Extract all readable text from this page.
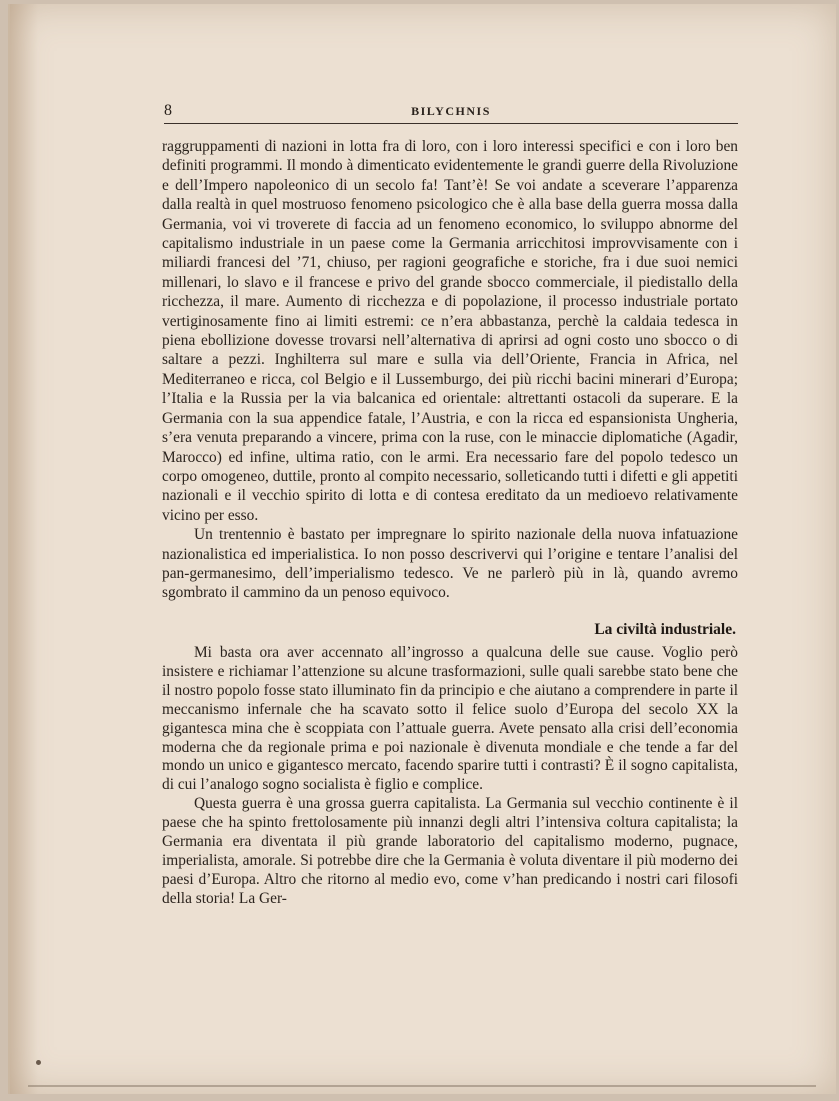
8	BILYCHNIS

raggruppamenti di nazioni in lotta fra di loro, con i loro interessi specifici e con i loro ben definiti programmi. Il mondo à dimenticato evidentemente le grandi guerre della Rivoluzione e dell’Impero napoleonico di un secolo fa! Tant’è! Se voi andate a sceverare l’apparenza dalla realtà in quel mostruoso fenomeno psicologico che è alla base della guerra mossa dalla Germania, voi vi troverete di faccia ad un fenomeno economico, lo sviluppo abnorme del capitalismo industriale in un paese come la Germania arricchitosi improvvisamente con i miliardi francesi del ’71, chiuso, per ragioni geografiche e storiche, fra i due suoi nemici millenari, lo slavo e il francese e privo del grande sbocco commerciale, il piedistallo della ricchezza, il mare. Aumento di ricchezza e di popolazione, il processo industriale portato vertiginosamente fino ai limiti estremi: ce n’era abbastanza, perchè la caldaia tedesca in piena ebollizione dovesse trovarsi nell’alternativa di aprirsi ad ogni costo uno sbocco o di saltare a pezzi. Inghilterra sul mare e sulla via dell’Oriente, Francia in Africa, nel Mediterraneo e ricca, col Belgio e il Lussemburgo, dei più ricchi bacini minerari d’Europa; l’Italia e la Russia per la via balcanica ed orientale: altrettanti ostacoli da superare. E la Germania con la sua appendice fatale, l’Austria, e con la ricca ed espansionista Ungheria, s’era venuta preparando a vincere, prima con la ruse, con le minaccie diplomatiche (Agadir, Marocco) ed infine, ultima ratio, con le armi. Era necessario fare del popolo tedesco un corpo omogeneo, duttile, pronto al compito necessario, solleticando tutti i difetti e gli appetiti nazionali e il vecchio spirito di lotta e di contesa ereditato da un medioevo relativamente vicino per esso.

Un trentennio è bastato per impregnare lo spirito nazionale della nuova infatuazione nazionalistica ed imperialistica. Io non posso descrivervi qui l’origine e tentare l’analisi del pan-germanesimo, dell’imperialismo tedesco. Ve ne parlerò più in là, quando avremo sgombrato il cammino da un penoso equivoco.

La civiltà industriale.

Mi basta ora aver accennato all’ingrosso a qualcuna delle sue cause. Voglio però insistere e richiamar l’attenzione su alcune trasformazioni, sulle quali sarebbe stato bene che il nostro popolo fosse stato illuminato fin da principio e che aiutano a comprendere in parte il meccanismo infernale che ha scavato sotto il felice suolo d’Europa del secolo XX la gigantesca mina che è scoppiata con l’attuale guerra. Avete pensato alla crisi dell’economia moderna che da regionale prima e poi nazionale è divenuta mondiale e che tende a far del mondo un unico e gigantesco mercato, facendo sparire tutti i contrasti? È il sogno capitalista, di cui l’analogo sogno socialista è figlio e complice.

Questa guerra è una grossa guerra capitalista. La Germania sul vecchio continente è il paese che ha spinto frettolosamente più innanzi degli altri l’intensiva coltura capitalista; la Germania era diventata il più grande laboratorio del capitalismo moderno, pugnace, imperialista, amorale. Si potrebbe dire che la Germania è voluta diventare il più moderno dei paesi d’Europa. Altro che ritorno al medio evo, come v’han predicando i nostri cari filosofi della storia! La Ger-
